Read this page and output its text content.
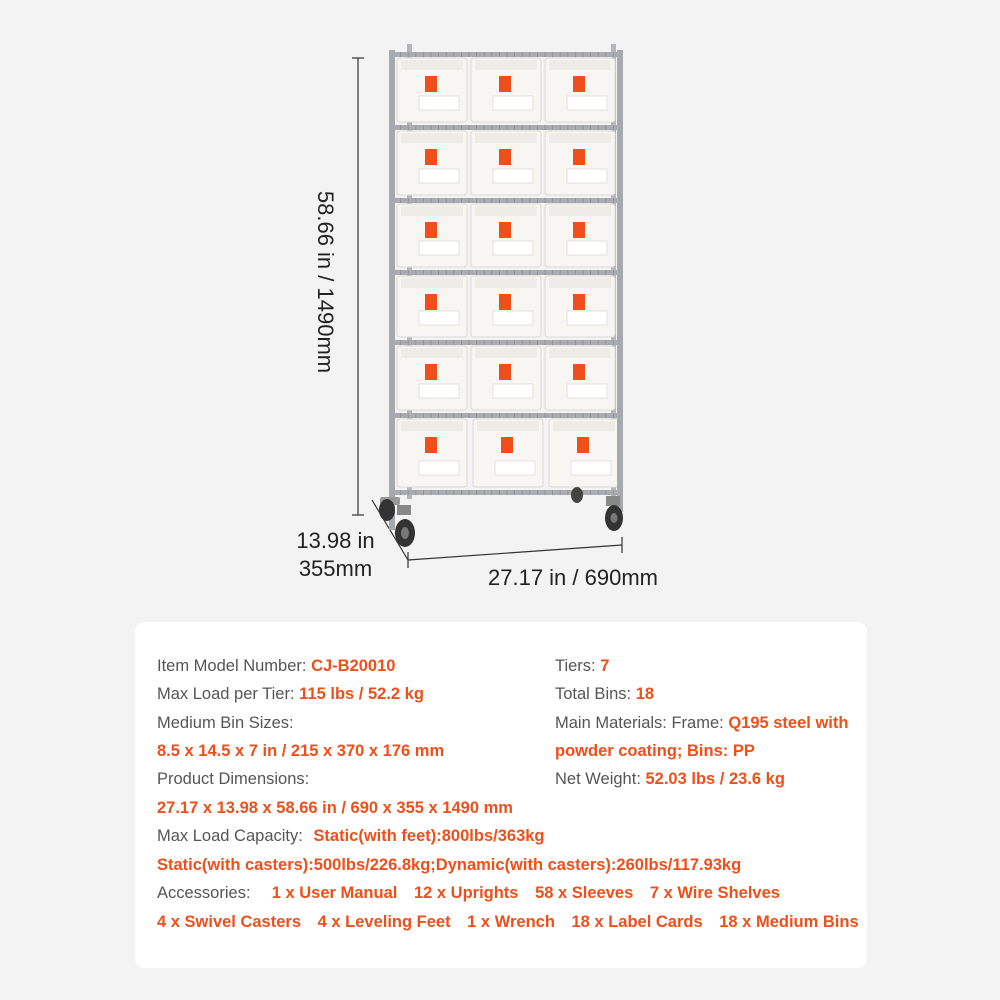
58.66 in / 1490mm
13.98 in
355mm	27.17 in / 690mm
Item Model Number: CJ-B20010
Max Load per Tier: 115 lbs / 52.2 kg
Medium Bin Sizes:
8.5 x 14.5 x 7 in / 215 x 370 x 176 mm
Product Dimensions:
27.17 x 13.98 x 58.66 in / 690 x 355 x 1490 mm
Max Load Capacity: Static(with feet):800lbs/363kg
Static(with casters):500lbs/226.8kg;Dynamic(with casters):260lbs/117.93kg
Accessories: 1 x User Manual 12 x Uprights 58 x Sleeves 7 x Wire Shelves
4 x Swivel Casters 4 x Leveling Feet 1 x Wrench 18 x Label Cards 18 x Medium Bins
Tiers: 7
Total Bins: 18
Main Materials: Frame: Q195 steel with
powder coating; Bins: PP
Net Weight: 52.03 lbs / 23.6 kg
